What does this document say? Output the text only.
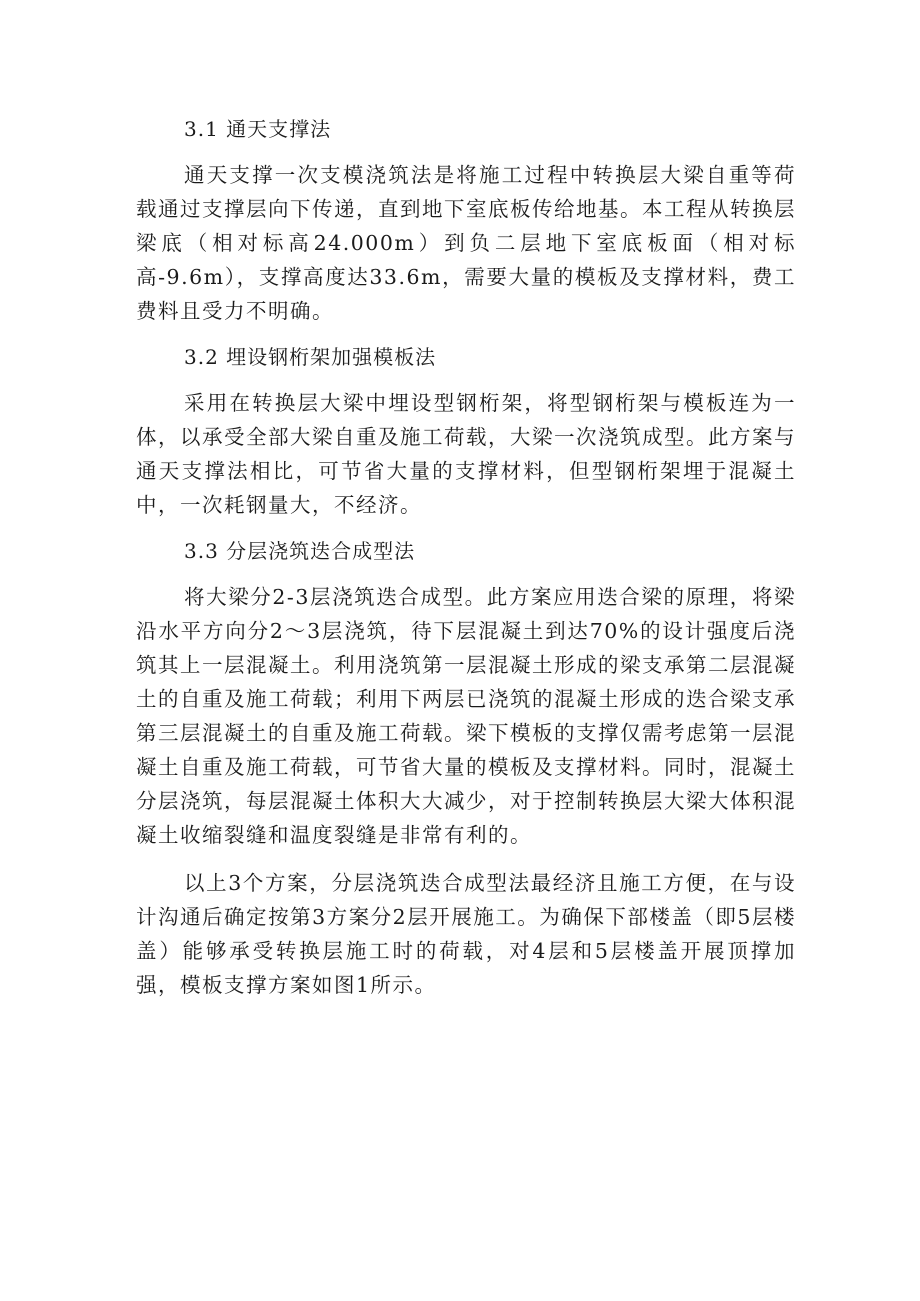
3.1 通天支撑法

通天支撑一次支模浇筑法是将施工过程中转换层大梁自重等荷载通过支撑层向下传递，直到地下室底板传给地基。本工程从转换层梁底（相对标高24.000m）到负二层地下室底板面（相对标高-9.6m），支撑高度达33.6m，需要大量的模板及支撑材料，费工费料且受力不明确。

3.2 埋设钢桁架加强模板法

采用在转换层大梁中埋设型钢桁架，将型钢桁架与模板连为一体，以承受全部大梁自重及施工荷载，大梁一次浇筑成型。此方案与通天支撑法相比，可节省大量的支撑材料，但型钢桁架埋于混凝土中，一次耗钢量大，不经济。

3.3 分层浇筑迭合成型法

将大梁分2-3层浇筑迭合成型。此方案应用迭合梁的原理，将梁沿水平方向分2～3层浇筑，待下层混凝土到达70%的设计强度后浇筑其上一层混凝土。利用浇筑第一层混凝土形成的梁支承第二层混凝土的自重及施工荷载；利用下两层已浇筑的混凝土形成的迭合梁支承第三层混凝土的自重及施工荷载。梁下模板的支撑仅需考虑第一层混凝土自重及施工荷载，可节省大量的模板及支撑材料。同时，混凝土分层浇筑，每层混凝土体积大大减少，对于控制转换层大梁大体积混凝土收缩裂缝和温度裂缝是非常有利的。

以上3个方案，分层浇筑迭合成型法最经济且施工方便，在与设计沟通后确定按第3方案分2层开展施工。为确保下部楼盖（即5层楼盖）能够承受转换层施工时的荷载，对4层和5层楼盖开展顶撑加强，模板支撑方案如图1所示。
